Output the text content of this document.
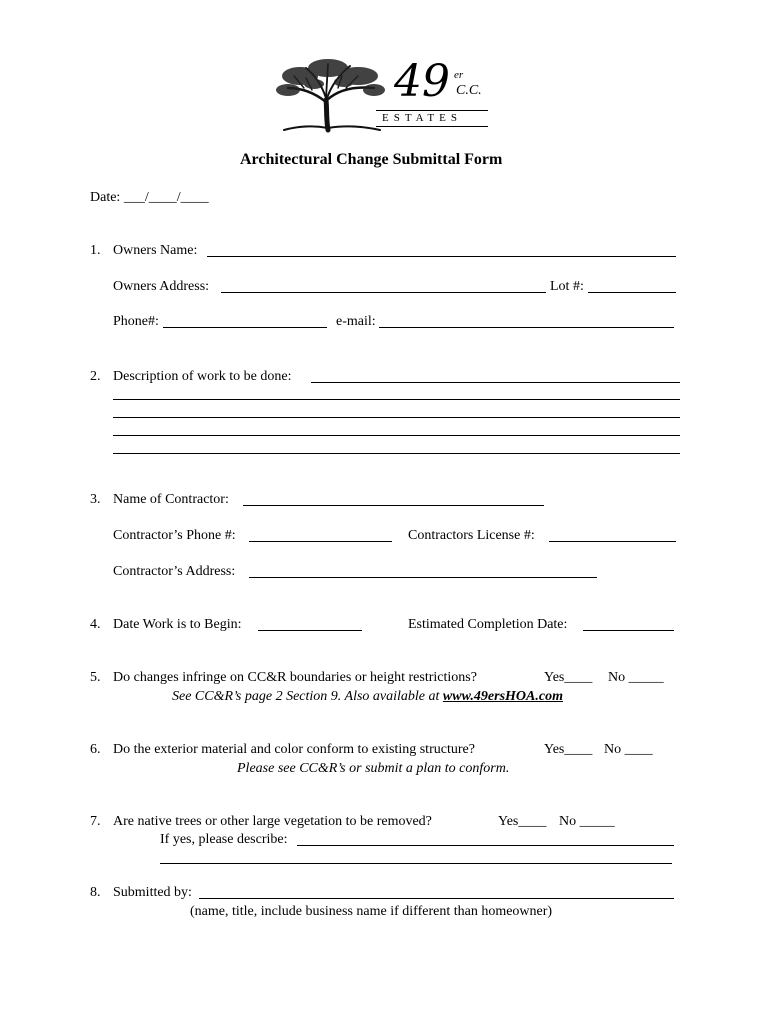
49 er
C.C.
ESTATES
Architectural Change Submittal Form
Date: ___/____/____
1. Owners Name:
Owners Address:	Lot #:
Phone#:	e-mail:
2. Description of work to be done:
3. Name of Contractor:
Contractor’s Phone #:	Contractors License #:
Contractor’s Address:
4. Date Work is to Begin:	Estimated Completion Date:
5. Do changes infringe on CC&R boundaries or height restrictions?	Yes____ No _____
See CC&R’s page 2 Section 9. Also available at www.49ersHOA.com
6. Do the exterior material and color conform to existing structure?	Yes____ No ____
Please see CC&R’s or submit a plan to conform.
7. Are native trees or other large vegetation to be removed?	Yes____ No _____
If yes, please describe:
8. Submitted by:
(name, title, include business name if different than homeowner)
